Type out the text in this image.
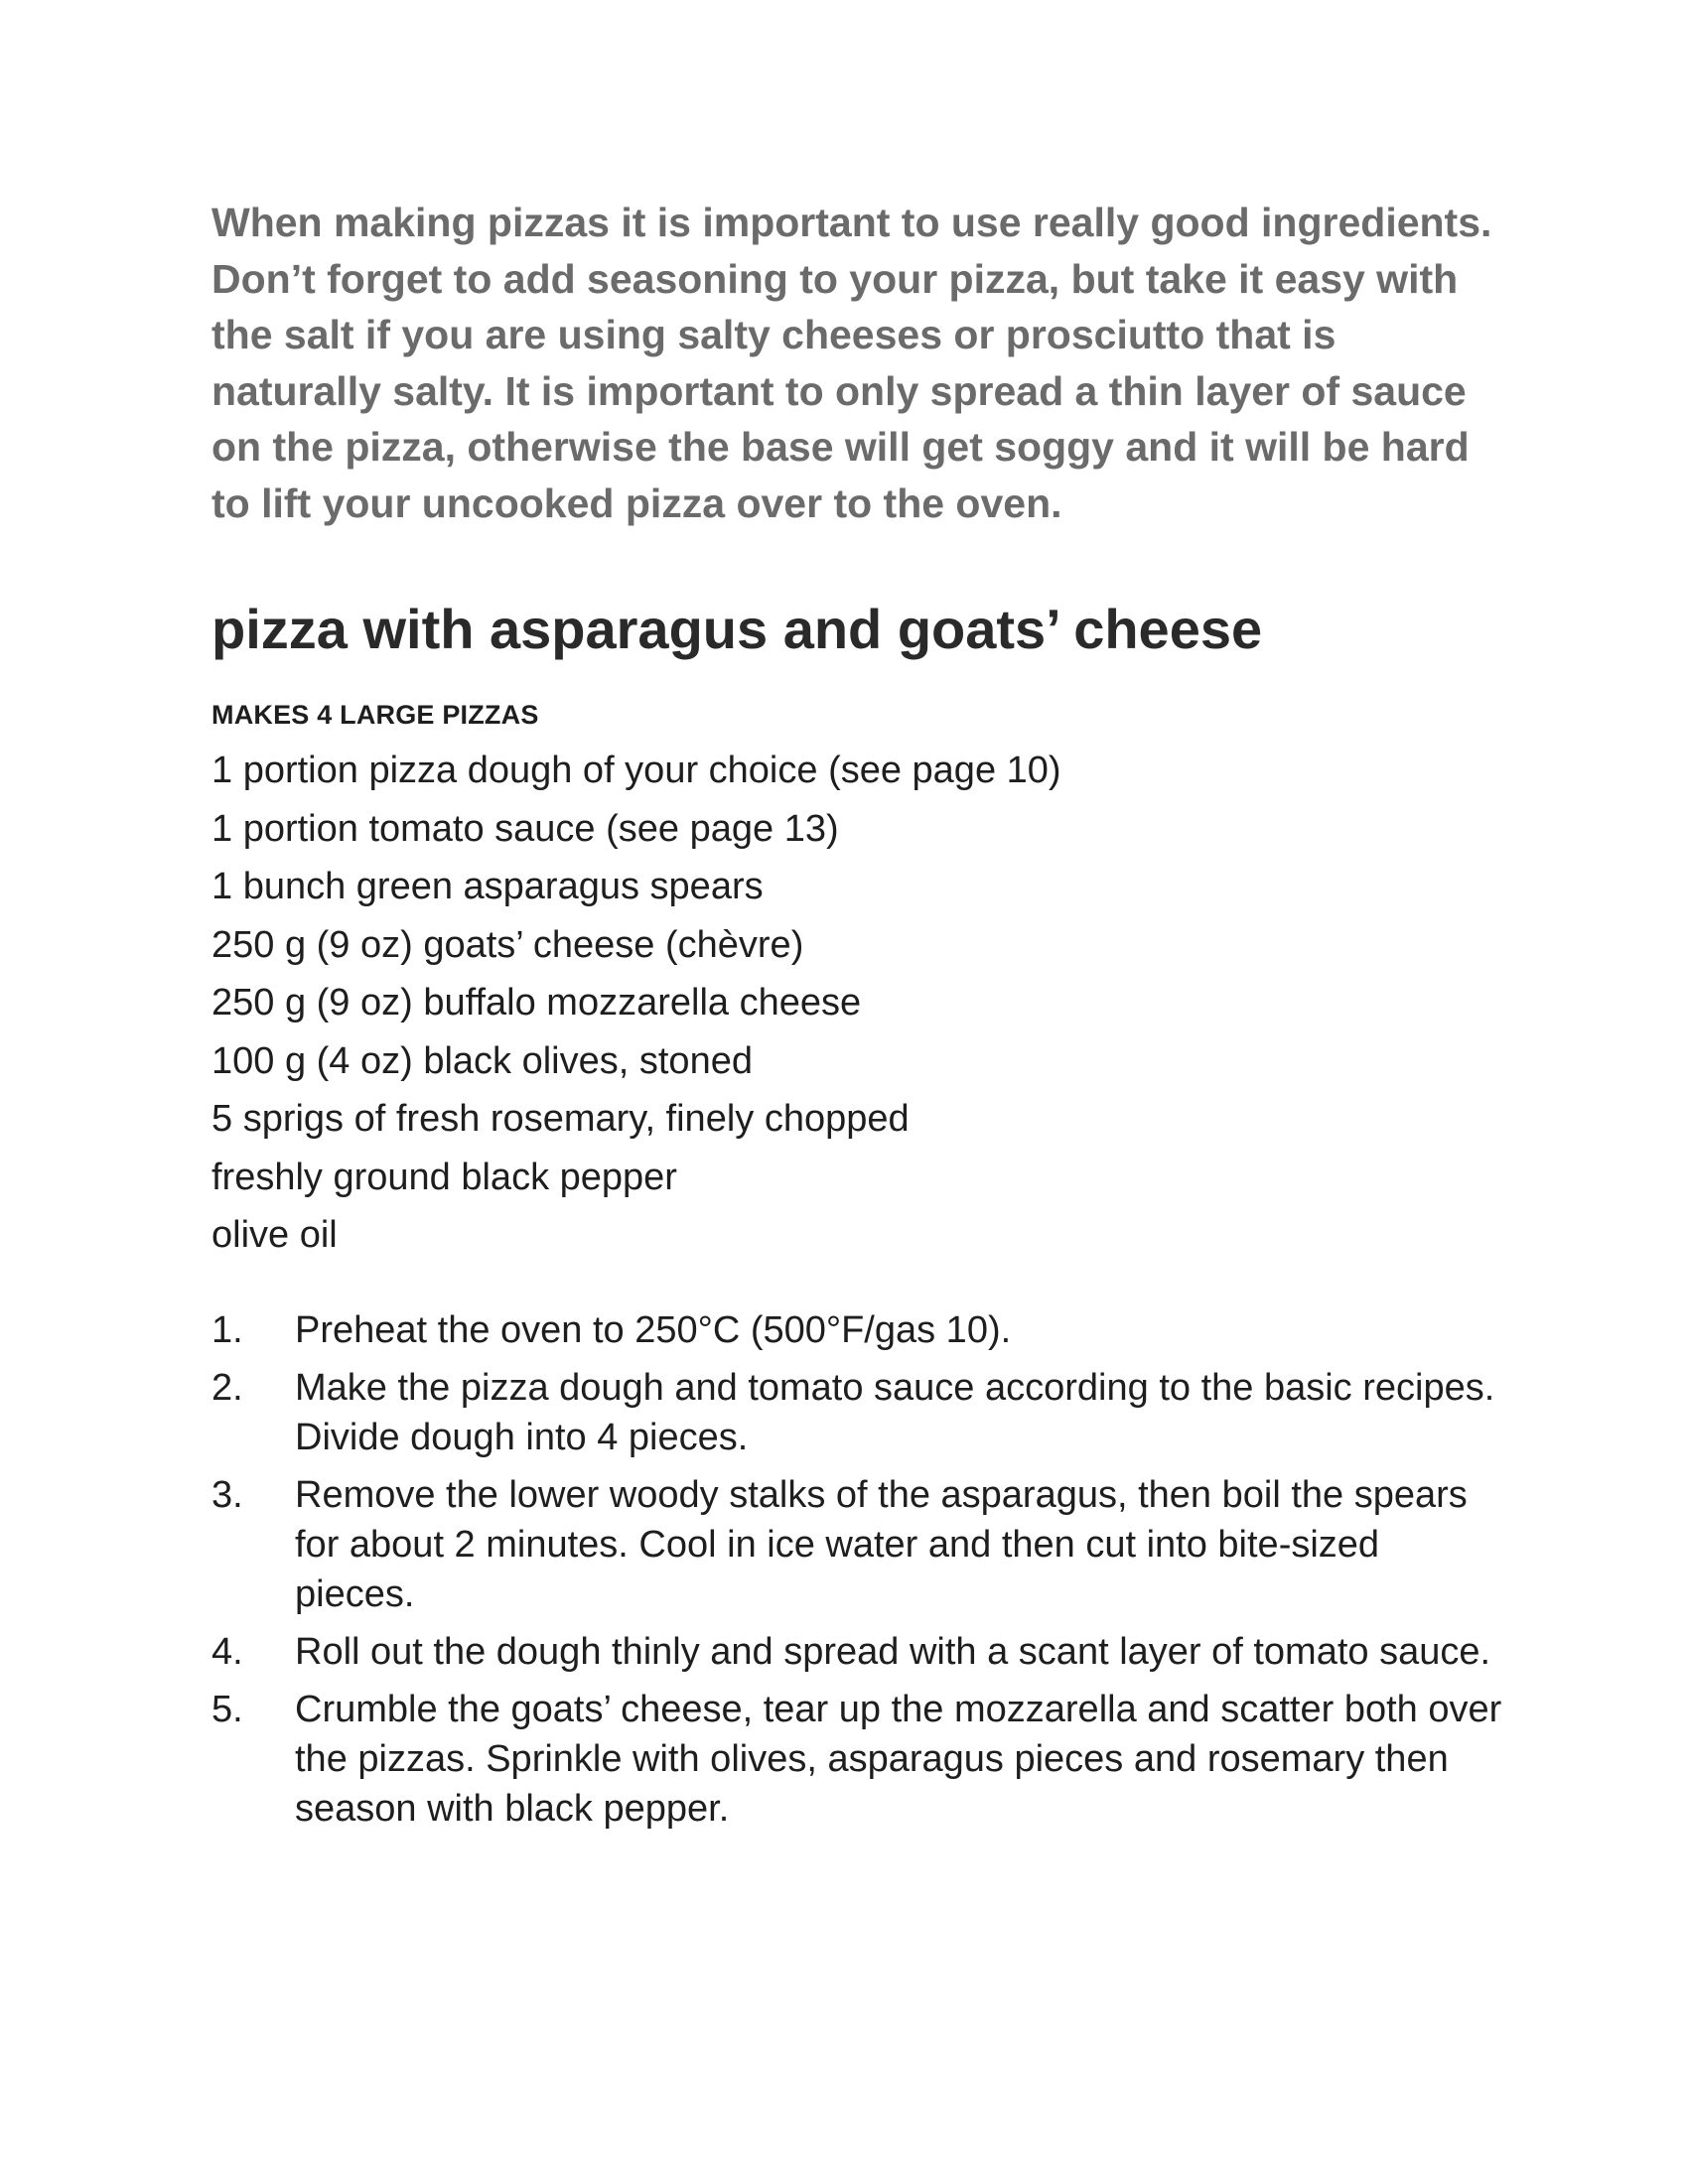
When making pizzas it is important to use really good ingredients. Don’t forget to add seasoning to your pizza, but take it easy with the salt if you are using salty cheeses or prosciutto that is naturally salty. It is important to only spread a thin layer of sauce on the pizza, otherwise the base will get soggy and it will be hard to lift your uncooked pizza over to the oven.

pizza with asparagus and goats’ cheese
MAKES 4 LARGE PIZZAS
1 portion pizza dough of your choice (see page 10)
1 portion tomato sauce (see page 13)
1 bunch green asparagus spears
250 g (9 oz) goats’ cheese (chèvre)
250 g (9 oz) buffalo mozzarella cheese
100 g (4 oz) black olives, stoned
5 sprigs of fresh rosemary, finely chopped
freshly ground black pepper
olive oil
1.	Preheat the oven to 250°C (500°F/gas 10).
2.	Make the pizza dough and tomato sauce according to the basic recipes. Divide dough into 4 pieces.
3.	Remove the lower woody stalks of the asparagus, then boil the spears for about 2 minutes. Cool in ice water and then cut into bite-sized pieces.
4.	Roll out the dough thinly and spread with a scant layer of tomato sauce.
5.	Crumble the goats’ cheese, tear up the mozzarella and scatter both over the pizzas. Sprinkle with olives, asparagus pieces and rosemary then season with black pepper.
